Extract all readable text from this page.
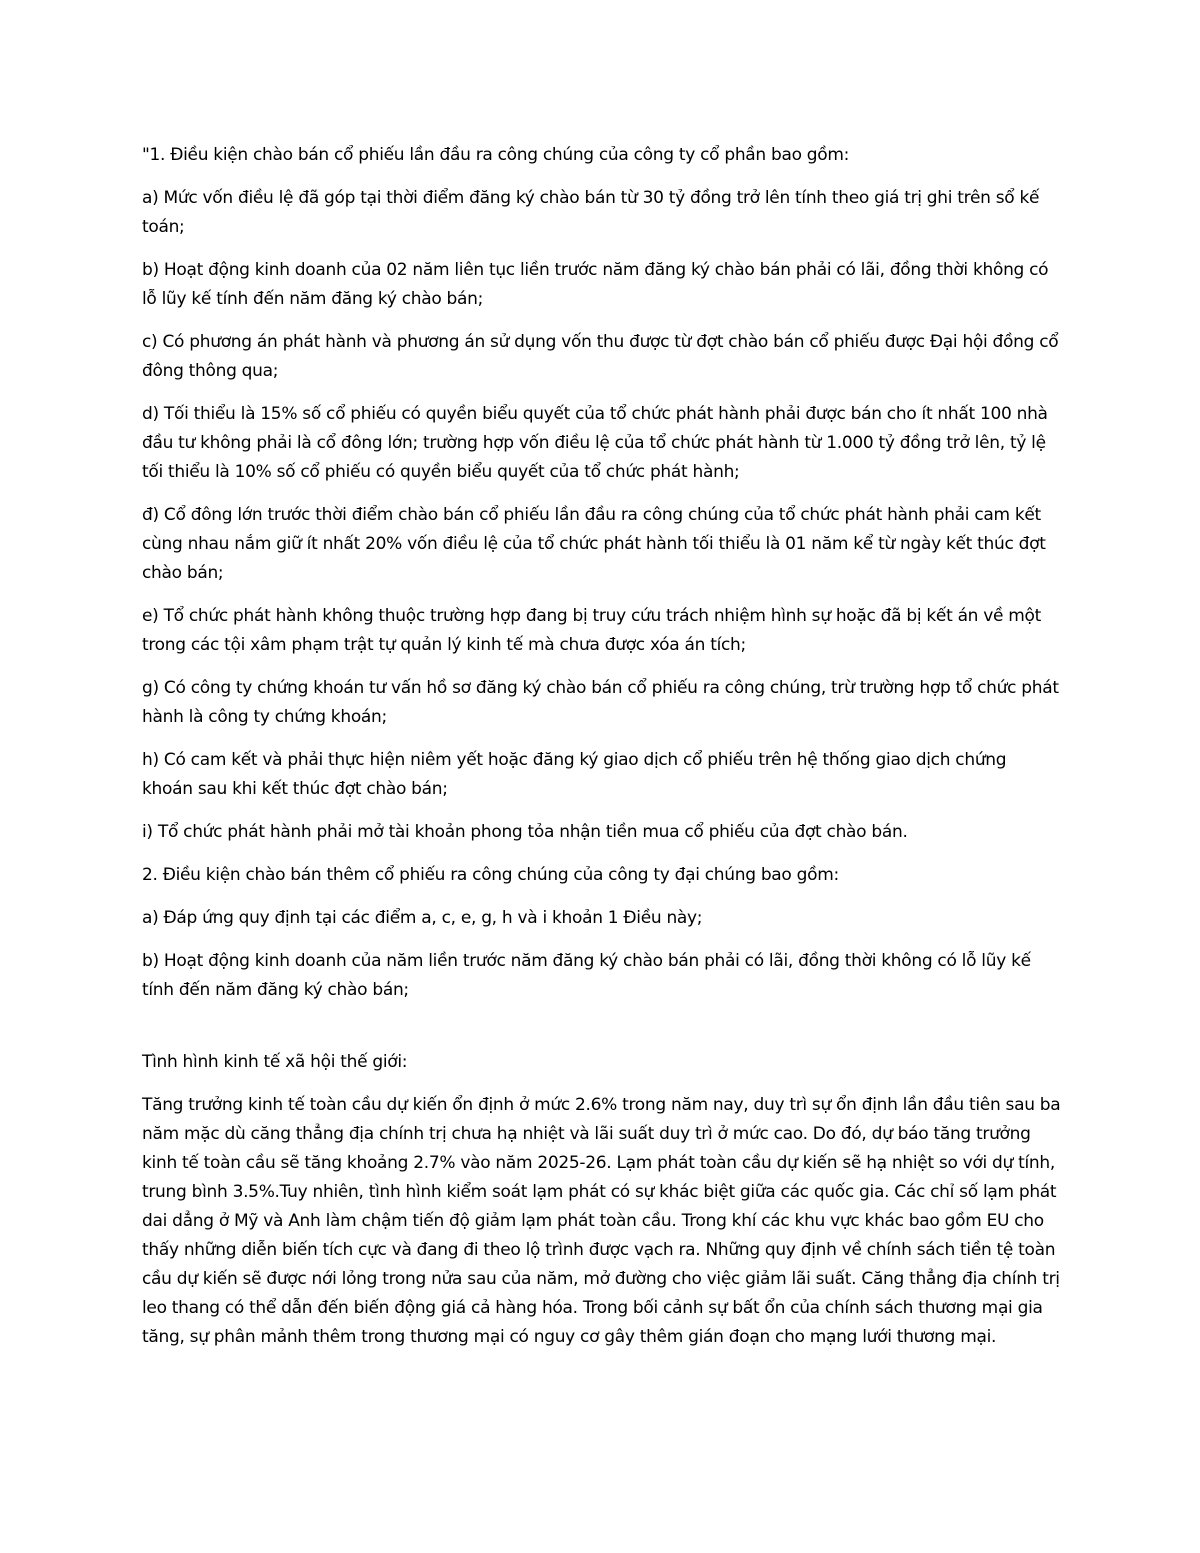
"1. Điều kiện chào bán cổ phiếu lần đầu ra công chúng của công ty cổ phần bao gồm:

a) Mức vốn điều lệ đã góp tại thời điểm đăng ký chào bán từ 30 tỷ đồng trở lên tính theo giá trị ghi trên sổ kế toán;

b) Hoạt động kinh doanh của 02 năm liên tục liền trước năm đăng ký chào bán phải có lãi, đồng thời không có lỗ lũy kế tính đến năm đăng ký chào bán;

c) Có phương án phát hành và phương án sử dụng vốn thu được từ đợt chào bán cổ phiếu được Đại hội đồng cổ đông thông qua;

d) Tối thiểu là 15% số cổ phiếu có quyền biểu quyết của tổ chức phát hành phải được bán cho ít nhất 100 nhà đầu tư không phải là cổ đông lớn; trường hợp vốn điều lệ của tổ chức phát hành từ 1.000 tỷ đồng trở lên, tỷ lệ tối thiểu là 10% số cổ phiếu có quyền biểu quyết của tổ chức phát hành;

đ) Cổ đông lớn trước thời điểm chào bán cổ phiếu lần đầu ra công chúng của tổ chức phát hành phải cam kết cùng nhau nắm giữ ít nhất 20% vốn điều lệ của tổ chức phát hành tối thiểu là 01 năm kể từ ngày kết thúc đợt chào bán;

e) Tổ chức phát hành không thuộc trường hợp đang bị truy cứu trách nhiệm hình sự hoặc đã bị kết án về một trong các tội xâm phạm trật tự quản lý kinh tế mà chưa được xóa án tích;

g) Có công ty chứng khoán tư vấn hồ sơ đăng ký chào bán cổ phiếu ra công chúng, trừ trường hợp tổ chức phát hành là công ty chứng khoán;

h) Có cam kết và phải thực hiện niêm yết hoặc đăng ký giao dịch cổ phiếu trên hệ thống giao dịch chứng khoán sau khi kết thúc đợt chào bán;

i) Tổ chức phát hành phải mở tài khoản phong tỏa nhận tiền mua cổ phiếu của đợt chào bán.

2. Điều kiện chào bán thêm cổ phiếu ra công chúng của công ty đại chúng bao gồm:

a) Đáp ứng quy định tại các điểm a, c, e, g, h và i khoản 1 Điều này;

b) Hoạt động kinh doanh của năm liền trước năm đăng ký chào bán phải có lãi, đồng thời không có lỗ lũy kế tính đến năm đăng ký chào bán;

Tình hình kinh tế xã hội thế giới:

Tăng trưởng kinh tế toàn cầu dự kiến ổn định ở mức 2.6% trong năm nay, duy trì sự ổn định lần đầu tiên sau ba năm mặc dù căng thẳng địa chính trị chưa hạ nhiệt và lãi suất duy trì ở mức cao. Do đó, dự báo tăng trưởng kinh tế toàn cầu sẽ tăng khoảng 2.7% vào năm 2025-26. Lạm phát toàn cầu dự kiến sẽ hạ nhiệt so với dự tính, trung bình 3.5%.Tuy nhiên, tình hình kiểm soát lạm phát có sự khác biệt giữa các quốc gia. Các chỉ số lạm phát dai dẳng ở Mỹ và Anh làm chậm tiến độ giảm lạm phát toàn cầu. Trong khí các khu vực khác bao gồm EU cho thấy những diễn biến tích cực và đang đi theo lộ trình được vạch ra. Những quy định về chính sách tiền tệ toàn cầu dự kiến sẽ được nới lỏng trong nửa sau của năm, mở đường cho việc giảm lãi suất. Căng thẳng địa chính trị leo thang có thể dẫn đến biến động giá cả hàng hóa. Trong bối cảnh sự bất ổn của chính sách thương mại gia tăng, sự phân mảnh thêm trong thương mại có nguy cơ gây thêm gián đoạn cho mạng lưới thương mại.
